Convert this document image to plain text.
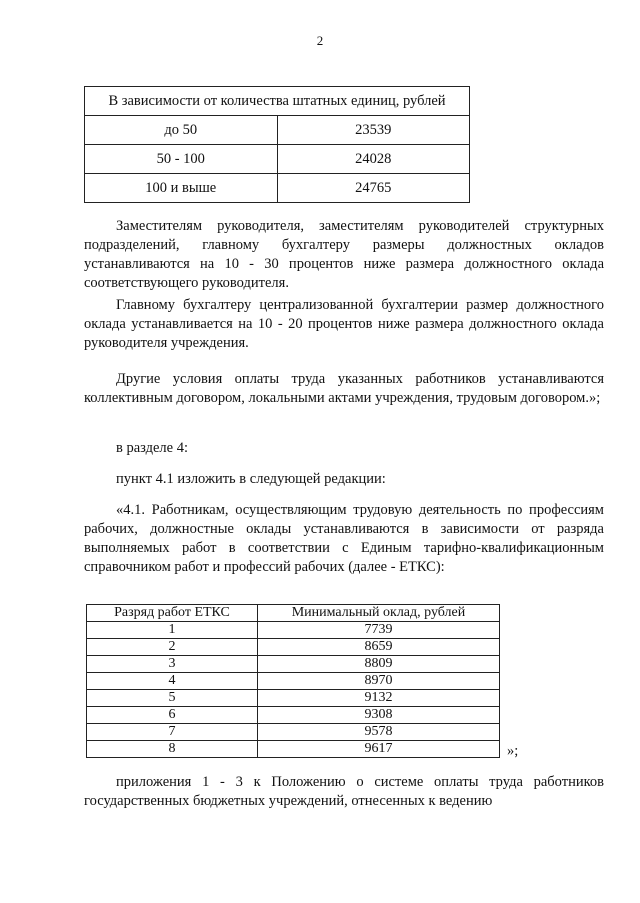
2
В зависимости от количества штатных единиц, рублей	
до 50	23539
50 - 100	24028
100 и выше	24765

Заместителям руководителя, заместителям руководителей структурных подразделений, главному бухгалтеру размеры должностных окладов устанавливаются на 10 - 30 процентов ниже размера должностного оклада соответствующего руководителя.

Главному бухгалтеру централизованной бухгалтерии размер должностного оклада устанавливается на 10 - 20 процентов ниже размера должностного оклада руководителя учреждения.

Другие условия оплаты труда указанных работников устанавливаются коллективным договором, локальными актами учреждения, трудовым договором.»;

в разделе 4:

пункт 4.1 изложить в следующей редакции:

«4.1. Работникам, осуществляющим трудовую деятельность по профессиям рабочих, должностные оклады устанавливаются в зависимости от разряда выполняемых работ в соответствии с Единым тарифно-квалификационным справочником работ и профессий рабочих (далее - ЕТКС):

Разряд работ ЕТКС	Минимальный оклад, рублей
1	7739
2	8659
3	8809
4	8970
5	9132
6	9308
7	9578
8	9617	»;

приложения 1 - 3 к Положению о системе оплаты труда работников государственных бюджетных учреждений, отнесенных к ведению
